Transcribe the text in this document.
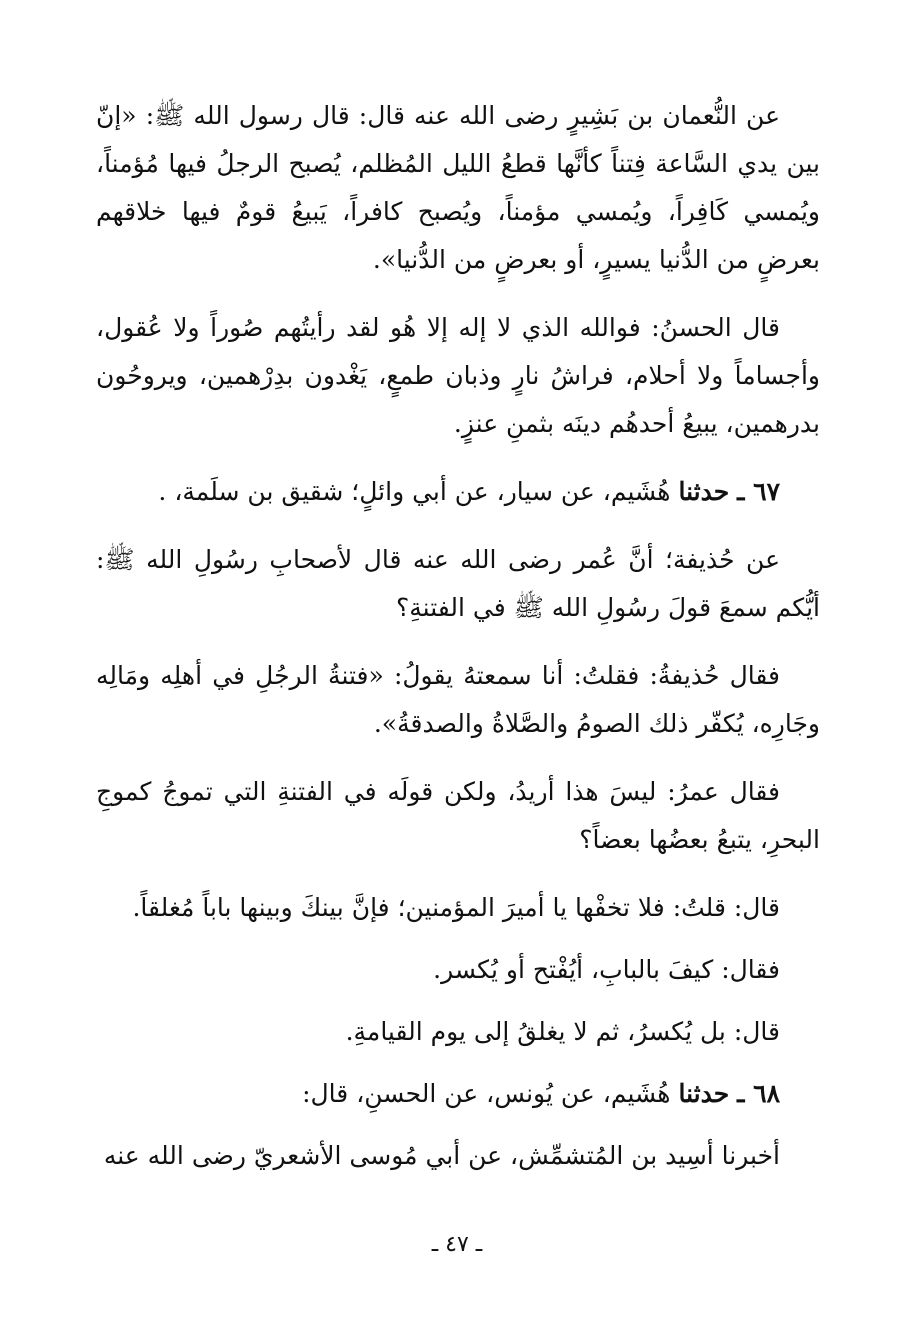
عن النُّعمان بن بَشِيرٍ رضى الله عنه قال: قال رسول الله ﷺ: «إنّ بين يدي السَّاعة فِتناً كأنَّها قطعُ الليل المُظلم، يُصبح الرجلُ فيها مُؤمناً، ويُمسي كَافِراً، ويُمسي مؤمناً، ويُصبح كافراً، يَبيعُ قومٌ فيها خلاقهم بعرضٍ من الدُّنيا يسيرٍ، أو بعرضٍ من الدُّنيا».

قال الحسنُ: فوالله الذي لا إله إلا هُو لقد رأيتُهم صُوراً ولا عُقول، وأجساماً ولا أحلام، فراشُ نارٍ وذبان طمعٍ، يَغْدون بدِرْهمين، ويروحُون بدرهمين، يبيعُ أحدهُم دينَه بثمنِ عنزٍ.

٦٧ ـ حدثنا هُشَيم، عن سيار، عن أبي وائلٍ؛ شقيق بن سلَمة، .

عن حُذيفة؛ أنَّ عُمر رضى الله عنه قال لأصحابِ رسُولِ الله ﷺ: أيُّكم سمعَ قولَ رسُولِ الله ﷺ في الفتنةِ؟

فقال حُذيفةُ: فقلتُ: أنا سمعتهُ يقولُ: «فتنةُ الرجُلِ في أهلِه ومَالِه وجَارِه، يُكفّر ذلك الصومُ والصَّلاةُ والصدقةُ».

فقال عمرُ: ليسَ هذا أريدُ، ولكن قولَه في الفتنةِ التي تموجُ كموجِ البحرِ، يتبعُ بعضُها بعضاً؟

قال: قلتُ: فلا تخفْها يا أميرَ المؤمنين؛ فإنَّ بينكَ وبينها باباً مُغلقاً.

فقال: كيفَ بالبابِ، أيُفْتح أو يُكسر.

قال: بل يُكسرُ، ثم لا يغلقُ إلى يوم القيامةِ.

٦٨ ـ حدثنا هُشَيم، عن يُونس، عن الحسنِ، قال:

أخبرنا أسِيد بن المُتشمِّش، عن أبي مُوسى الأشعريّ رضى الله عنه

ـ ٤٧ ـ
